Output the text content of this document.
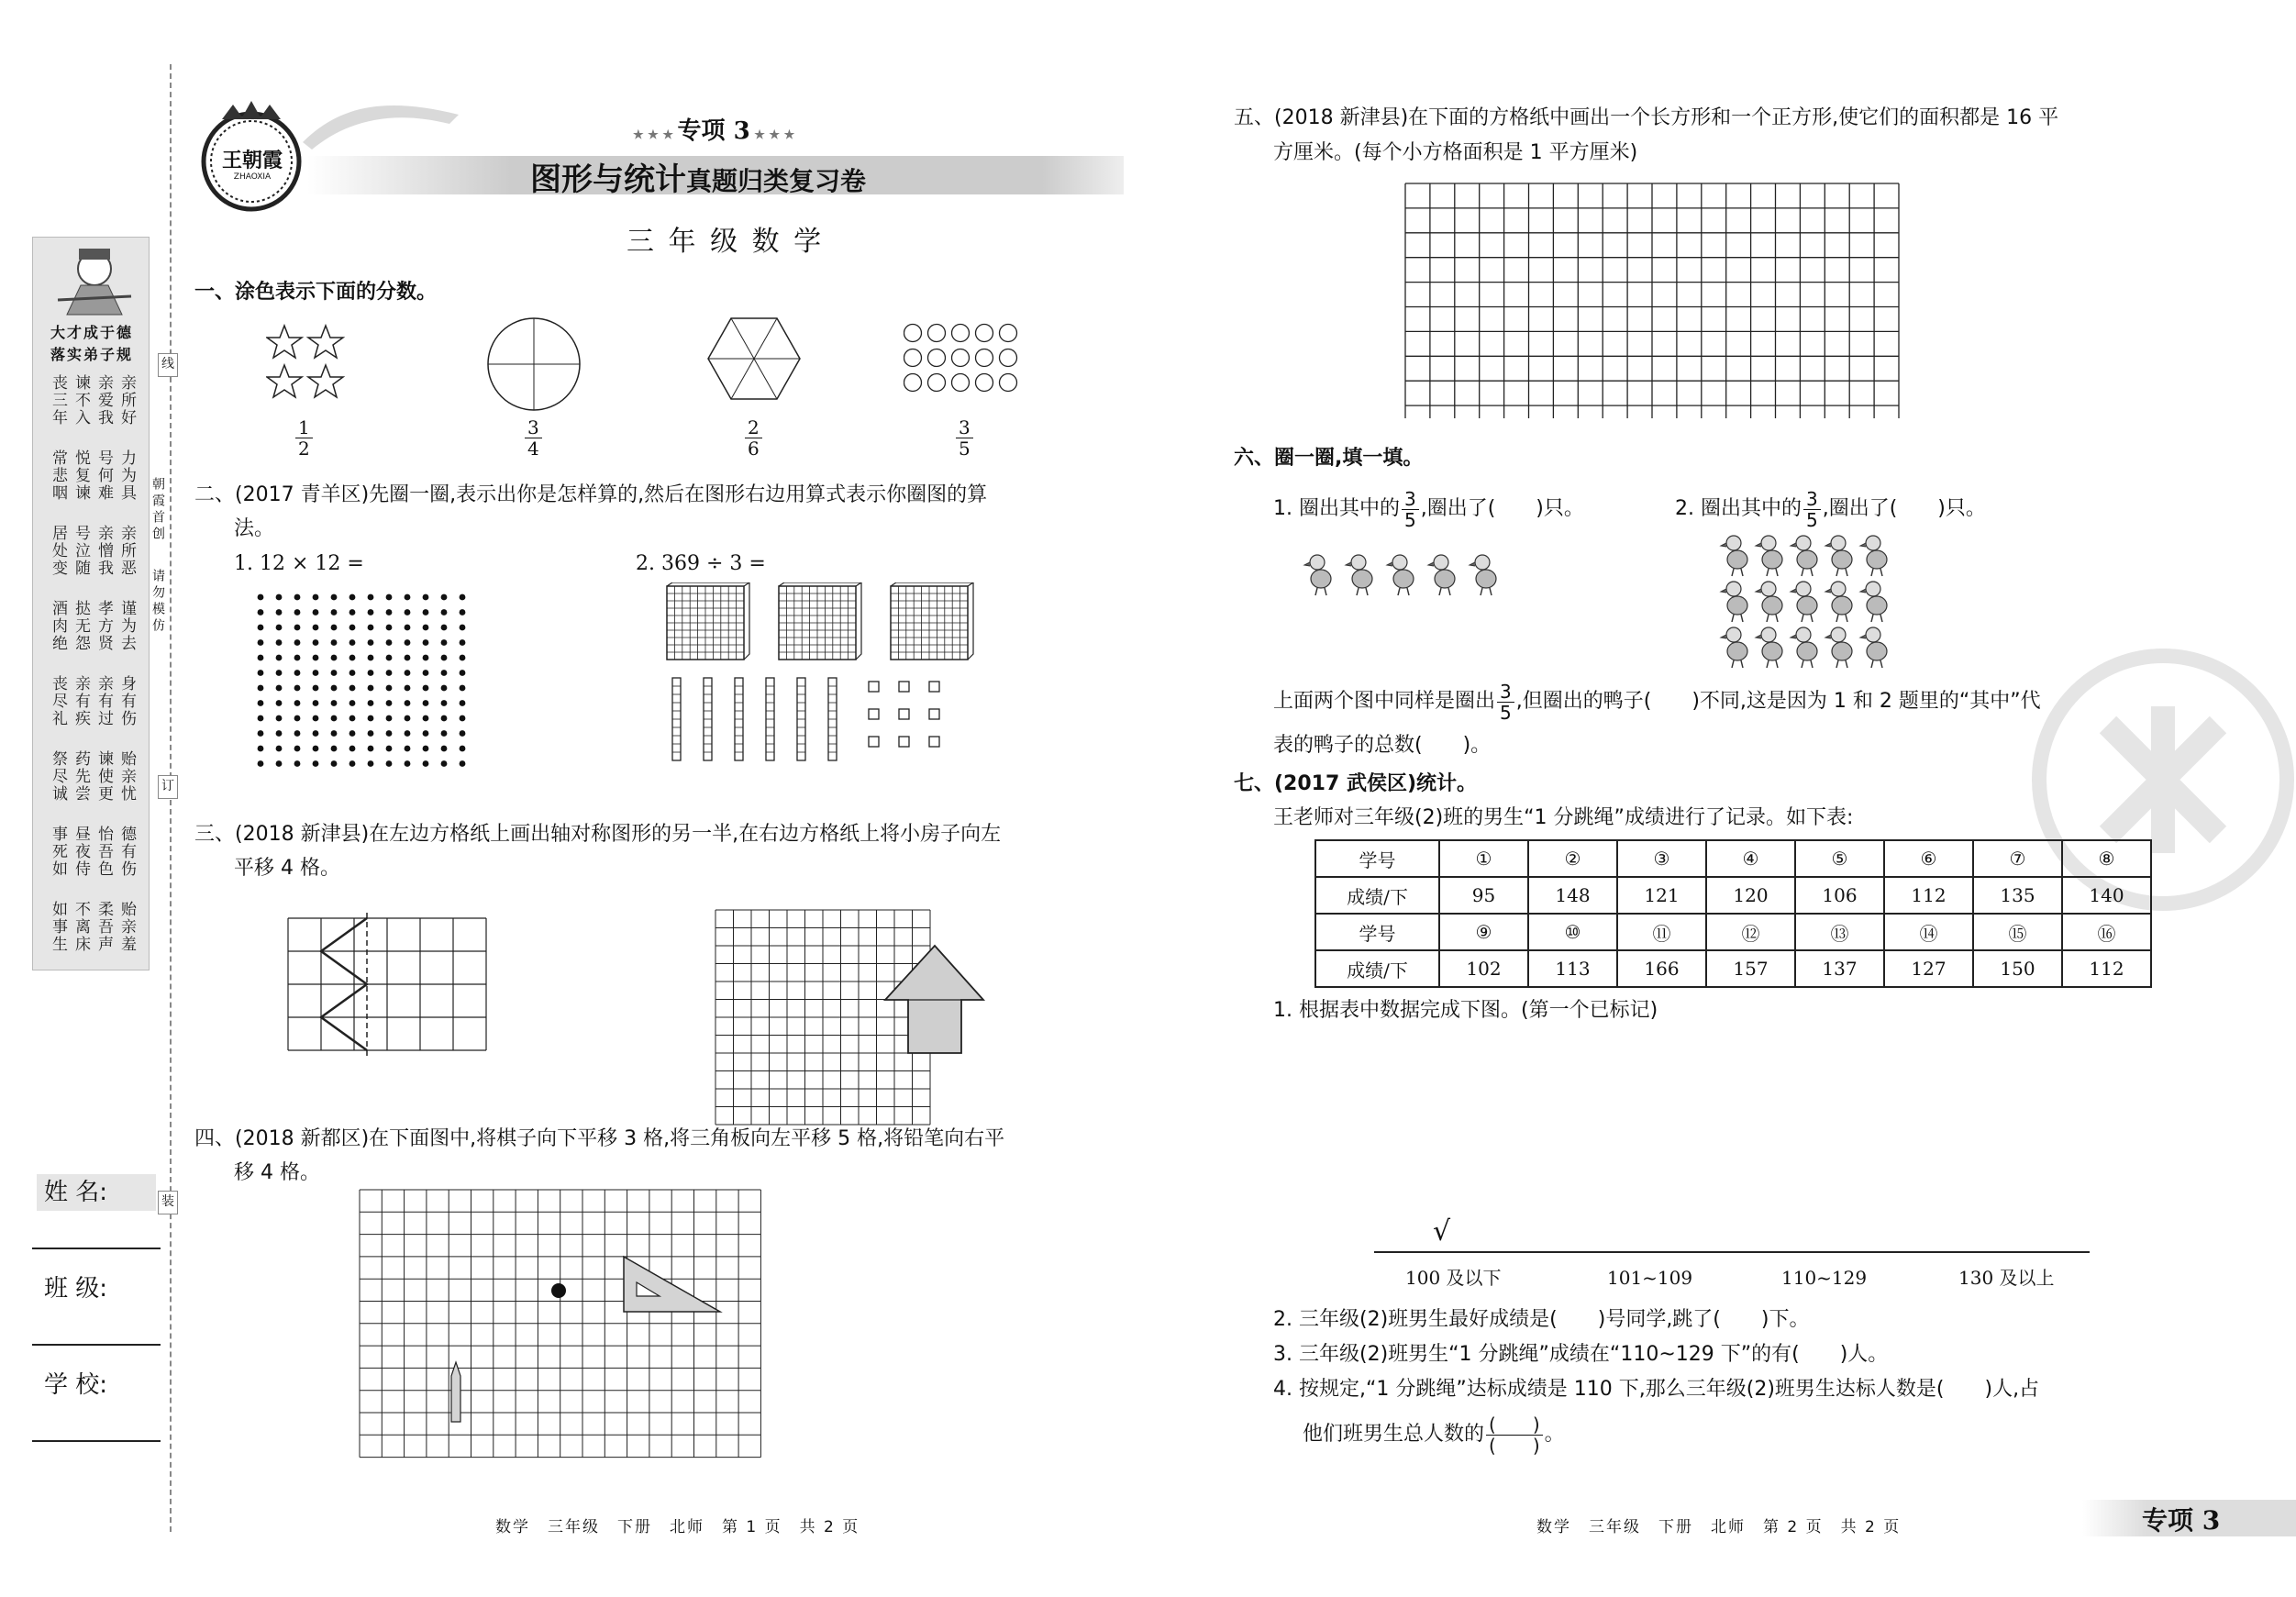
王朝霞
ZHAOXIA
★ ★ ★ 专项 3 ★ ★ ★
图形与统计真题归类复习卷
三 年 级 数 学
大才成于德
落实弟子规
丧三年 谏不入 亲爱我 亲所好
常悲咽 悦复谏 号何难 力为具
居处变 号泣随 亲憎我 亲所恶
酒肉绝 挞无怨 孝方贤 谨为去
丧尽礼 亲有疾 亲有过 身有伤
祭尽诚 药先尝 谏使更 贻亲忧
事死如 昼夜侍 怡吾色 德有伤
如事生 不离床 柔吾声 贻亲羞
朝霞首创
请勿模仿
线
订
装
姓 名:
班 级:
学 校:
一、涂色表示下面的分数。
$\frac{1}{2}$	$\frac{3}{4}$	$\frac{2}{6}$	$\frac{3}{5}$
二、(2017 青羊区)先圈一圈,表示出你是怎样算的,然后在图形右边用算式表示你圈图的算
法。
1. 12 × 12 =	2. 369 ÷ 3 =
三、(2018 新津县)在左边方格纸上画出轴对称图形的另一半,在右边方格纸上将小房子向左
平移 4 格。
四、(2018 新都区)在下面图中,将棋子向下平移 3 格,将三角板向左平移 5 格,将铅笔向右平
移 4 格。
数学　三年级　下册　北师　第 1 页　共 2 页
五、(2018 新津县)在下面的方格纸中画出一个长方形和一个正方形,使它们的面积都是 16 平
方厘米。(每个小方格面积是 1 平方厘米)
六、圈一圈,填一填。
1. 圈出其中的 $\frac{3}{5}$ ,圈出了(　　)只。	2. 圈出其中的 $\frac{3}{5}$ ,圈出了(　　)只。
上面两个图中同样是圈出 $\frac{3}{5}$ ,但圈出的鸭子(　　)不同,这是因为 1 和 2 题里的“其中”代
表的鸭子的总数(　　)。
七、(2017 武侯区)统计。
王老师对三年级(2)班的男生“1 分跳绳”成绩进行了记录。如下表:
学号	①	②	③	④	⑤	⑥	⑦	⑧
成绩/下	95	148	121	120	106	112	135	140
学号	⑨	⑩	⑪	⑫	⑬	⑭	⑮	⑯
成绩/下	102	113	166	157	137	127	150	112
1. 根据表中数据完成下图。(第一个已标记)
√
100 及以下	101~109	110~129	130 及以上
2. 三年级(2)班男生最好成绩是(　　)号同学,跳了(　　)下。
3. 三年级(2)班男生“1 分跳绳”成绩在“110~129 下”的有(　　)人。
4. 按规定,“1 分跳绳”达标成绩是 110 下,那么三年级(2)班男生达标人数是(　　)人,占
他们班男生总人数的 $\frac{( )}{( )}$ 。
数学　三年级　下册　北师　第 2 页　共 2 页	专项 3
